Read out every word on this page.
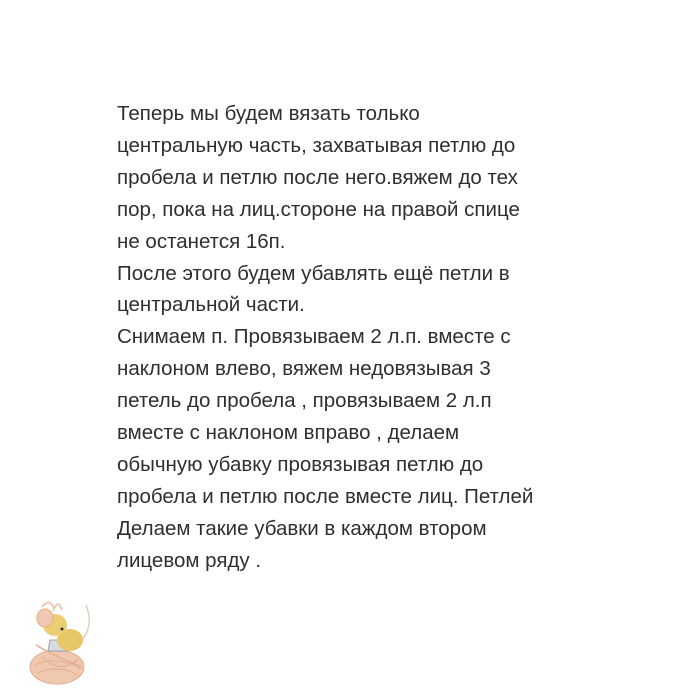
Теперь мы будем вязать только
центральную часть, захватывая петлю до
пробела и петлю после него.вяжем до тех
пор, пока на лиц.стороне на правой спице
не останется 16п.
После этого будем убавлять ещё петли в
центральной части.
Снимаем п. Провязываем 2 л.п. вместе с
наклоном влево, вяжем недовязывая 3
петель до пробела , провязываем 2 л.п
вместе с наклоном вправо , делаем
обычную убавку провязывая петлю до
пробела и петлю после вместе лиц. Петлей
Делаем такие убавки в каждом втором
лицевом ряду .
